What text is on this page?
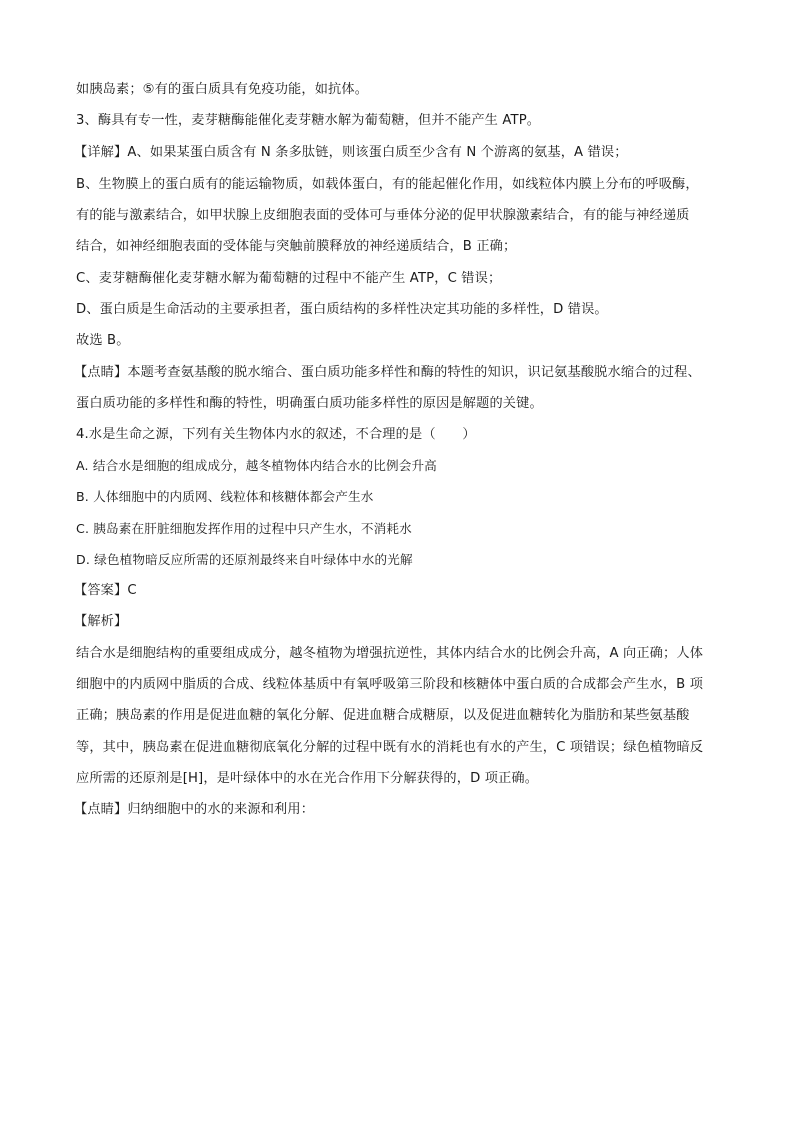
如胰岛素；⑤有的蛋白质具有免疫功能，如抗体。
3、酶具有专一性，麦芽糖酶能催化麦芽糖水解为葡萄糖，但并不能产生 ATP。
【详解】A、如果某蛋白质含有 N 条多肽链，则该蛋白质至少含有 N 个游离的氨基，A 错误；
B、生物膜上的蛋白质有的能运输物质，如载体蛋白，有的能起催化作用，如线粒体内膜上分布的呼吸酶，
有的能与激素结合，如甲状腺上皮细胞表面的受体可与垂体分泌的促甲状腺激素结合，有的能与神经递质
结合，如神经细胞表面的受体能与突触前膜释放的神经递质结合，B 正确；
C、麦芽糖酶催化麦芽糖水解为葡萄糖的过程中不能产生 ATP，C 错误；
D、蛋白质是生命活动的主要承担者，蛋白质结构的多样性决定其功能的多样性，D 错误。
故选 B。
【点睛】本题考查氨基酸的脱水缩合、蛋白质功能多样性和酶的特性的知识，识记氨基酸脱水缩合的过程、
蛋白质功能的多样性和酶的特性，明确蛋白质功能多样性的原因是解题的关键。
4.水是生命之源，下列有关生物体内水的叙述，不合理的是（　　）
A. 结合水是细胞的组成成分，越冬植物体内结合水的比例会升高
B. 人体细胞中的内质网、线粒体和核糖体都会产生水
C. 胰岛素在肝脏细胞发挥作用的过程中只产生水，不消耗水
D. 绿色植物暗反应所需的还原剂最终来自叶绿体中水的光解
【答案】C
【解析】
结合水是细胞结构的重要组成成分，越冬植物为增强抗逆性，其体内结合水的比例会升高，A 向正确；人体
细胞中的内质网中脂质的合成、线粒体基质中有氧呼吸第三阶段和核糖体中蛋白质的合成都会产生水，B 项
正确；胰岛素的作用是促进血糖的氧化分解、促进血糖合成糖原，以及促进血糖转化为脂肪和某些氨基酸
等，其中，胰岛素在促进血糖彻底氧化分解的过程中既有水的消耗也有水的产生，C 项错误；绿色植物暗反
应所需的还原剂是[H]，是叶绿体中的水在光合作用下分解获得的，D 项正确。
【点睛】归纳细胞中的水的来源和利用：
